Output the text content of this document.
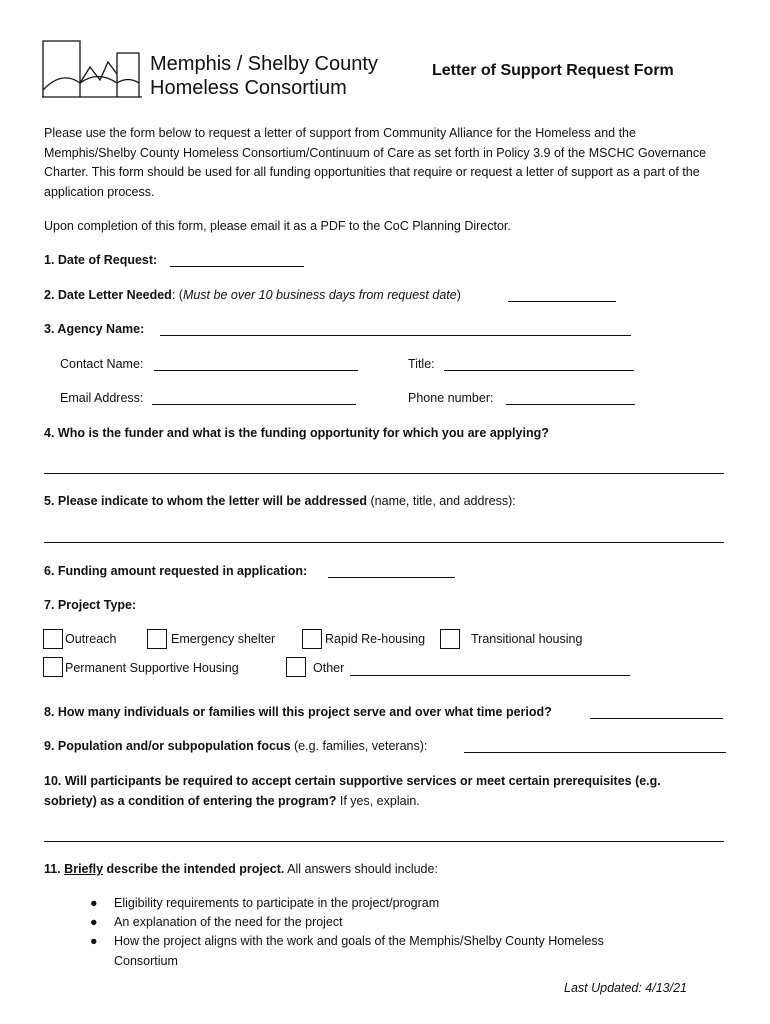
Memphis / Shelby County
Homeless Consortium
Letter of Support Request Form
Please use the form below to request a letter of support from Community Alliance for the Homeless and the Memphis/Shelby County Homeless Consortium/Continuum of Care as set forth in Policy 3.9 of the MSCHC Governance Charter. This form should be used for all funding opportunities that require or request a letter of support as a part of the application process.
Upon completion of this form, please email it as a PDF to the CoC Planning Director.
1. Date of Request:
2. Date Letter Needed: (Must be over 10 business days from request date)
3. Agency Name:
Contact Name:	Title:
Email Address:	Phone number:
4. Who is the funder and what is the funding opportunity for which you are applying?
5. Please indicate to whom the letter will be addressed (name, title, and address):
6. Funding amount requested in application:
7. Project Type:
Outreach	Emergency shelter	Rapid Re-housing	Transitional housing
Permanent Supportive Housing	Other
8. How many individuals or families will this project serve and over what time period?
9. Population and/or subpopulation focus (e.g. families, veterans):
10. Will participants be required to accept certain supportive services or meet certain prerequisites (e.g.
sobriety) as a condition of entering the program? If yes, explain.
11. Briefly describe the intended project. All answers should include:
● Eligibility requirements to participate in the project/program
● An explanation of the need for the project
● How the project aligns with the work and goals of the Memphis/Shelby County Homeless
Consortium
Last Updated: 4/13/21
